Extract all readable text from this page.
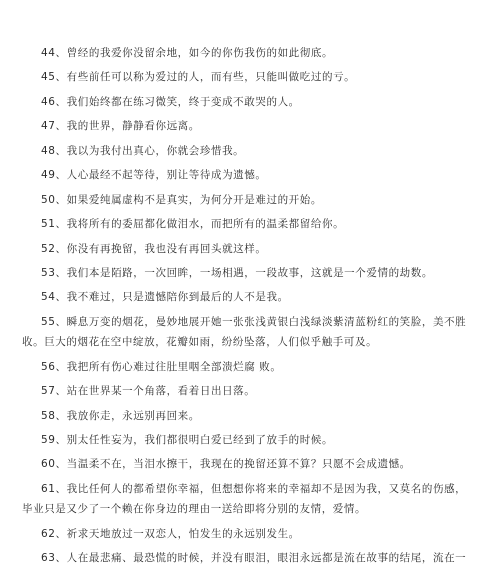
44、曾经的我爱你没留余地，如今的你伤我伤的如此彻底。
45、有些前任可以称为爱过的人，而有些，只能叫做吃过的亏。
46、我们始终都在练习微笑，终于变成不敢哭的人。
47、我的世界，静静看你远离。
48、我以为我付出真心，你就会珍惜我。
49、人心最经不起等待，别让等待成为遗憾。
50、如果爱纯属虚构不是真实，为何分开是难过的开始。
51、我将所有的委屈都化做泪水，而把所有的温柔都留给你。
52、你没有再挽留，我也没有再回头就这样。
53、我们本是陌路，一次回眸，一场相遇，一段故事，这就是一个爱情的劫数。
54、我不难过，只是遗憾陪你到最后的人不是我。
55、瞬息万变的烟花，曼妙地展开她一张张浅黄银白浅绿淡紫清蓝粉红的笑脸，美不胜
收。巨大的烟花在空中绽放，花瓣如雨，纷纷坠落，人们似乎触手可及。
56、我把所有伤心难过往肚里咽全部溃烂腐 败。
57、站在世界某一个角落，看着日出日落。
58、我放你走，永远别再回来。
59、别太任性妄为，我们都很明白爱已经到了放手的时候。
60、当温柔不在，当泪水擦干，我现在的挽留还算不算？只愿不会成遗憾。
61、我比任何人的都希望你幸福，但想想你将来的幸福却不是因为我，又莫名的伤感，
毕业只是又少了一个赖在你身边的理由一送给即将分别的友情，爱情。
62、祈求天地放过一双恋人，怕发生的永远别发生。
63、人在最悲痛、最恐慌的时候，并没有眼泪，眼泪永远都是流在故事的结尾，流在一
